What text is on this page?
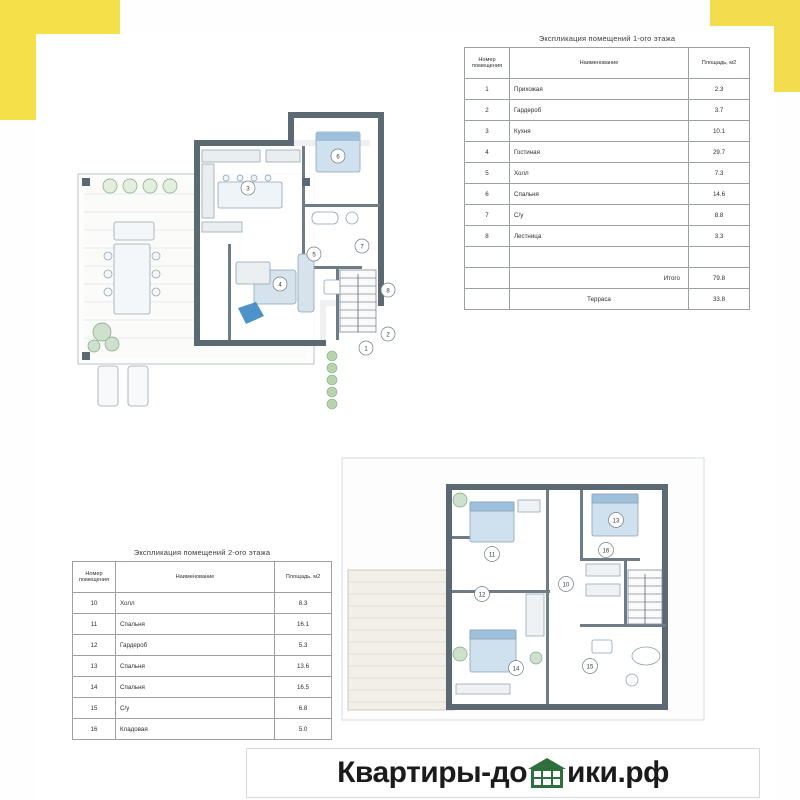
1
2
3
4
5
6
7
8
Экспликация помещений 1-ого этажа
Номер помещения	Наименование	Площадь, м2
1	Прихожая	2.3
2	Гардероб	3.7
3	Кухня	10.1
4	Гостиная	29.7
5	Холл	7.3
6	Спальня	14.6
7	С/у	8.8
8	Лестница	3.3

	Итого	79.8
	Терраса	33.8
Экспликация помещений 2-ого этажа
Номер помещения	Наименование	Площадь, м2
10	Холл	8.3
11	Спальня	16.1
12	Гардероб	5.3
13	Спальня	13.6
14	Спальня	16.5
15	С/у	6.8
16	Кладовая	5.0
10
11
12
13
14	15
16
Квартиры-до ики.рф
